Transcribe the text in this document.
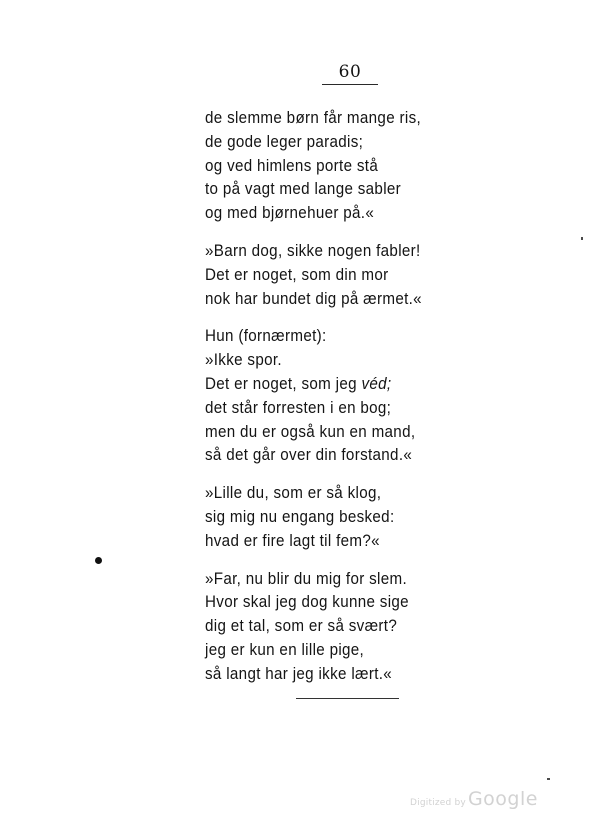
60
de slemme børn får mange ris,
de gode leger paradis;
og ved himlens porte stå
to på vagt med lange sabler
og med bjørnehuer på.«
»Barn dog, sikke nogen fabler!
Det er noget, som din mor
nok har bundet dig på ærmet.«
Hun (fornærmet):
»Ikke spor.
Det er noget, som jeg véd;
det står forresten i en bog;
men du er også kun en mand,
så det går over din forstand.«
»Lille du, som er så klog,
sig mig nu engang besked:
hvad er fire lagt til fem?«
»Far, nu blir du mig for slem.
Hvor skal jeg dog kunne sige
dig et tal, som er så svært?
jeg er kun en lille pige,
så langt har jeg ikke lært.«
Digitized by Google
